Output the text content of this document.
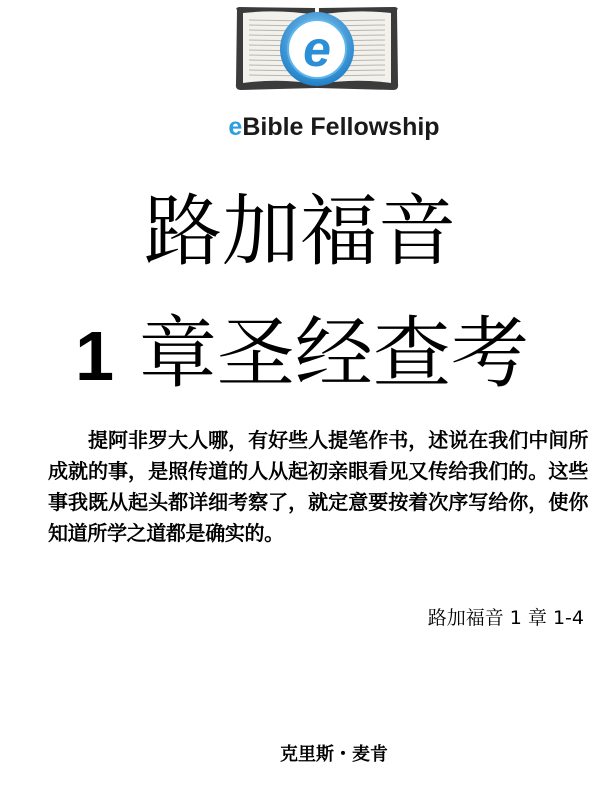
e
eBible Fellowship
路加福音
1 章圣经查考

提阿非罗大人哪，有好些人提笔作书，述说在我们中间所成就的事，是照传道的人从起初亲眼看见又传给我们的。这些事我既从起头都详细考察了，就定意要按着次序写给你，使你知道所学之道都是确实的。

路加福音 1 章 1-4
克里斯・麦肯
